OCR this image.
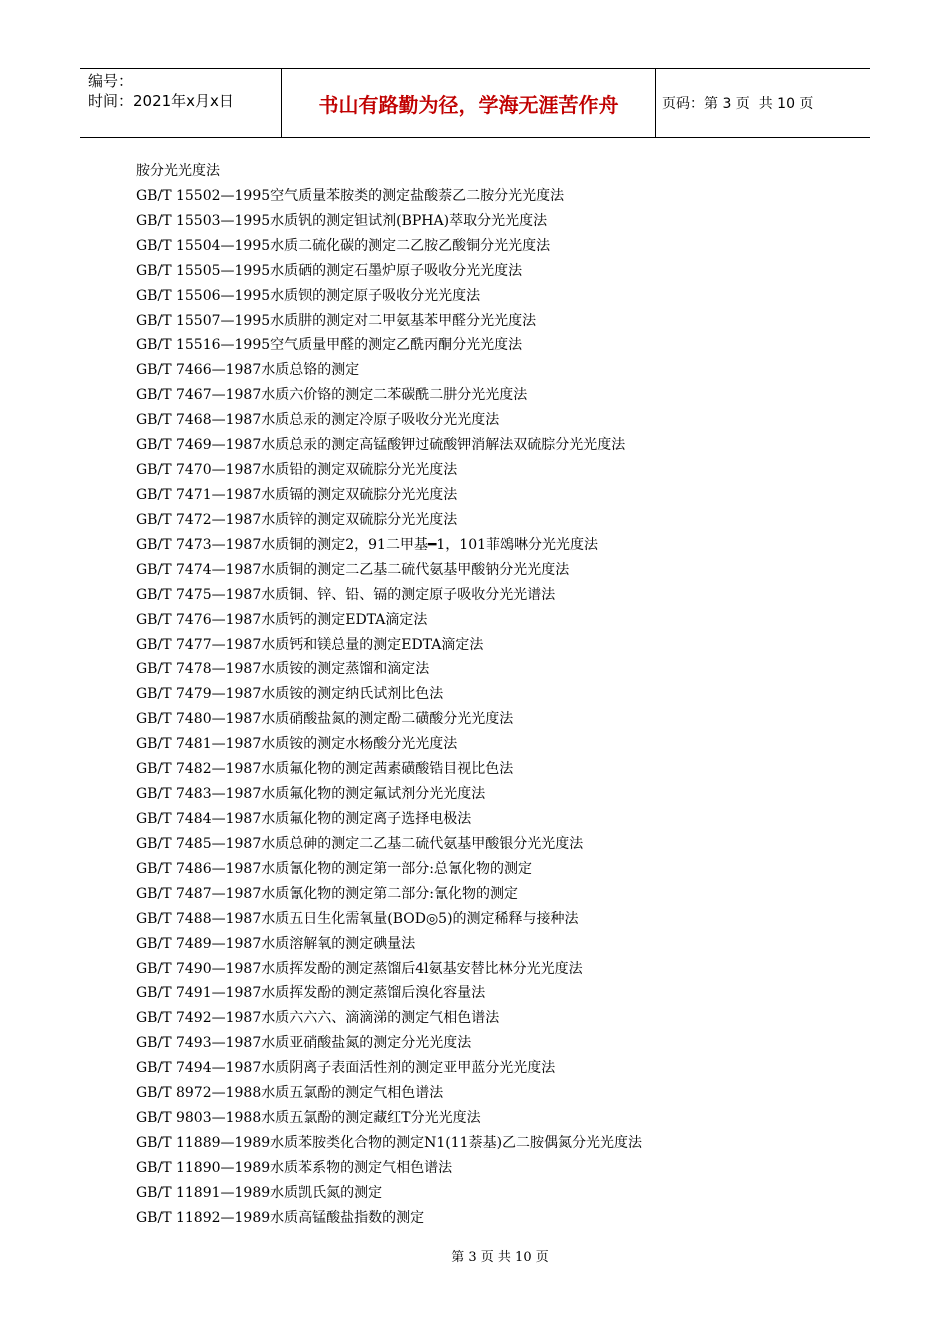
编号：
时间：2021年x月x日	书山有路勤为径，学海无涯苦作舟	页码：第 3 页  共 10 页
胺分光光度法
GB/T 15502—1995空气质量苯胺类的测定盐酸萘乙二胺分光光度法
GB/T 15503—1995水质钒的测定钽试剂(BPHA)萃取分光光度法
GB/T 15504—1995水质二硫化碳的测定二乙胺乙酸铜分光光度法
GB/T 15505—1995水质硒的测定石墨炉原子吸收分光光度法
GB/T 15506—1995水质钡的测定原子吸收分光光度法
GB/T 15507—1995水质肼的测定对二甲氨基苯甲醛分光光度法
GB/T 15516—1995空气质量甲醛的测定乙酰丙酮分光光度法
GB/T 7466—1987水质总铬的测定
GB/T 7467—1987水质六价铬的测定二苯碳酰二肼分光光度法
GB/T 7468—1987水质总汞的测定冷原子吸收分光光度法
GB/T 7469—1987水质总汞的测定高锰酸钾过硫酸钾消解法双硫腙分光光度法
GB/T 7470—1987水质铅的测定双硫腙分光光度法
GB/T 7471—1987水质镉的测定双硫腙分光光度法
GB/T 7472—1987水质锌的测定双硫腙分光光度法
GB/T 7473—1987水质铜的测定2，91二甲基━1，101菲䲲啉分光光度法
GB/T 7474—1987水质铜的测定二乙基二硫代氨基甲酸钠分光光度法
GB/T 7475—1987水质铜、锌、铅、镉的测定原子吸收分光光谱法
GB/T 7476—1987水质钙的测定EDTA滴定法
GB/T 7477—1987水质钙和镁总量的测定EDTA滴定法
GB/T 7478—1987水质铵的测定蒸馏和滴定法
GB/T 7479—1987水质铵的测定纳氏试剂比色法
GB/T 7480—1987水质硝酸盐氮的测定酚二磺酸分光光度法
GB/T 7481—1987水质铵的测定水杨酸分光光度法
GB/T 7482—1987水质氟化物的测定茜素磺酸锆目视比色法
GB/T 7483—1987水质氟化物的测定氟试剂分光光度法
GB/T 7484—1987水质氟化物的测定离子选择电极法
GB/T 7485—1987水质总砷的测定二乙基二硫代氨基甲酸银分光光度法
GB/T 7486—1987水质氰化物的测定第一部分:总氰化物的测定
GB/T 7487—1987水质氰化物的测定第二部分:氰化物的测定
GB/T 7488—1987水质五日生化需氧量(BOD◎5)的测定稀释与接种法
GB/T 7489—1987水质溶解氧的测定碘量法
GB/T 7490—1987水质挥发酚的测定蒸馏后4l氨基安替比林分光光度法
GB/T 7491—1987水质挥发酚的测定蒸馏后溴化容量法
GB/T 7492—1987水质六六六、滴滴涕的测定气相色谱法
GB/T 7493—1987水质亚硝酸盐氮的测定分光光度法
GB/T 7494—1987水质阴离子表面活性剂的测定亚甲蓝分光光度法
GB/T 8972—1988水质五氯酚的测定气相色谱法
GB/T 9803—1988水质五氯酚的测定藏红T分光光度法
GB/T 11889—1989水质苯胺类化合物的测定N1(11萘基)乙二胺偶氮分光光度法
GB/T 11890—1989水质苯系物的测定气相色谱法
GB/T 11891—1989水质凯氏氮的测定
GB/T 11892—1989水质高锰酸盐指数的测定
第 3 页 共 10 页
